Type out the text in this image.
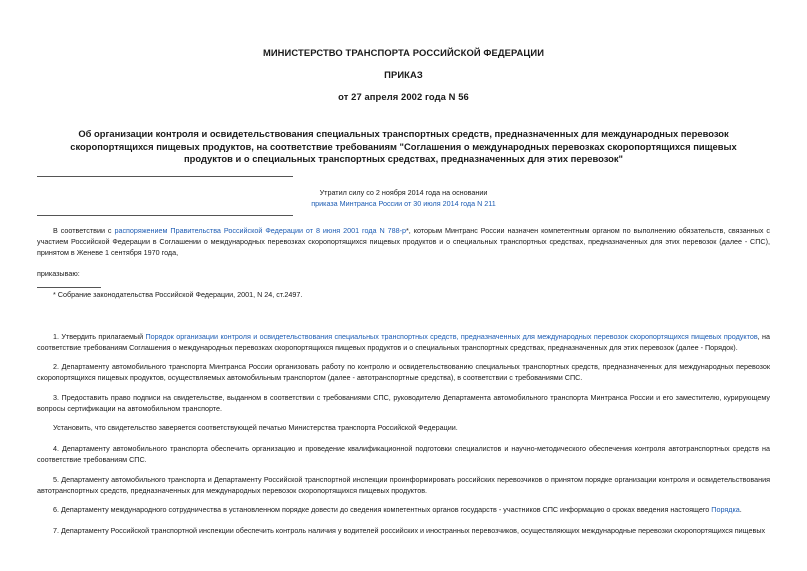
МИНИСТЕРСТВО ТРАНСПОРТА РОССИЙСКОЙ ФЕДЕРАЦИИ
ПРИКАЗ
от 27 апреля 2002 года N 56
Об организации контроля и освидетельствования специальных транспортных средств, предназначенных для международных перевозок скоропортящихся пищевых продуктов, на соответствие требованиям "Соглашения о международных перевозках скоропортящихся пищевых продуктов и о специальных транспортных средствах, предназначенных для этих перевозок"
Утратил силу со 2 ноября 2014 года на основании
приказа Минтранса России от 30 июля 2014 года N 211
В соответствии с распоряжением Правительства Российской Федерации от 8 июня 2001 года N 788-р*, которым Минтранс России назначен компетентным органом по выполнению обязательств, связанных с участием Российской Федерации в Соглашении о международных перевозках скоропортящихся пищевых продуктов и о специальных транспортных средствах, предназначенных для этих перевозок (далее - СПС), принятом в Женеве 1 сентября 1970 года,
приказываю:
* Собрание законодательства Российской Федерации, 2001, N 24, ст.2497.
1. Утвердить прилагаемый Порядок организации контроля и освидетельствования специальных транспортных средств, предназначенных для международных перевозок скоропортящихся пищевых продуктов, на соответствие требованиям Соглашения о международных перевозках скоропортящихся пищевых продуктов и о специальных транспортных средствах, предназначенных для этих перевозок (далее - Порядок).
2. Департаменту автомобильного транспорта Минтранса России организовать работу по контролю и освидетельствованию специальных транспортных средств, предназначенных для международных перевозок скоропортящихся пищевых продуктов, осуществляемых автомобильным транспортом (далее - автотранспортные средства), в соответствии с требованиями СПС.
3. Предоставить право подписи на свидетельстве, выданном в соответствии с требованиями СПС, руководителю Департамента автомобильного транспорта Минтранса России и его заместителю, курирующему вопросы сертификации на автомобильном транспорте.
Установить, что свидетельство заверяется соответствующей печатью Министерства транспорта Российской Федерации.
4. Департаменту автомобильного транспорта обеспечить организацию и проведение квалификационной подготовки специалистов и научно-методического обеспечения контроля автотранспортных средств на соответствие требованиям СПС.
5. Департаменту автомобильного транспорта и Департаменту Российской транспортной инспекции проинформировать российских перевозчиков о принятом порядке организации контроля и освидетельствования автотранспортных средств, предназначенных для международных перевозок скоропортящихся пищевых продуктов.
6. Департаменту международного сотрудничества в установленном порядке довести до сведения компетентных органов государств - участников СПС информацию о сроках введения настоящего Порядка.
7. Департаменту Российской транспортной инспекции обеспечить контроль наличия у водителей российских и иностранных перевозчиков, осуществляющих международные перевозки скоропортящихся пищевых
